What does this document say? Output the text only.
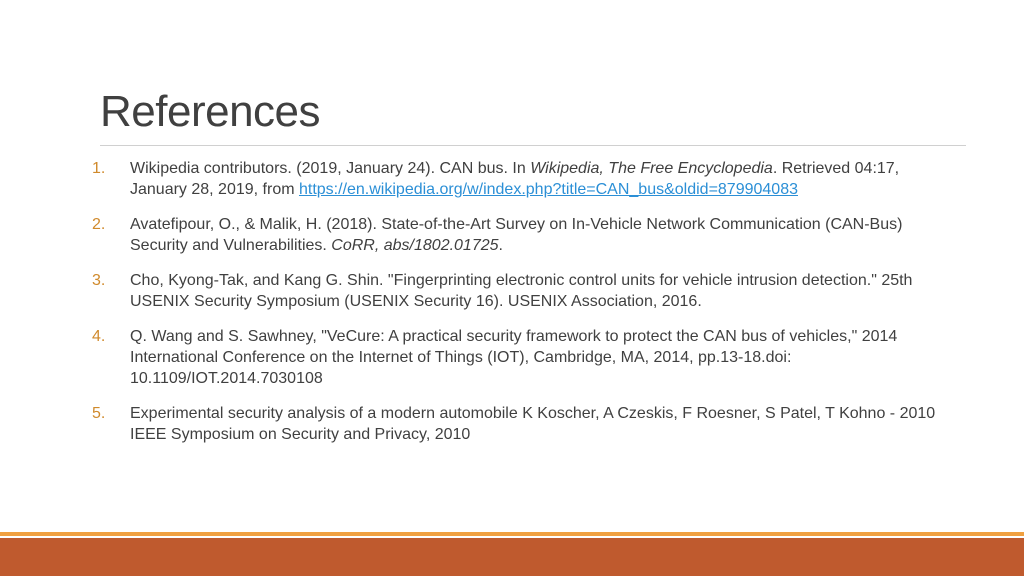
References
1. Wikipedia contributors. (2019, January 24). CAN bus. In Wikipedia, The Free Encyclopedia. Retrieved 04:17, January 28, 2019, from https://en.wikipedia.org/w/index.php?title=CAN_bus&oldid=879904083
2. Avatefipour, O., & Malik, H. (2018). State-of-the-Art Survey on In-Vehicle Network Communication (CAN-Bus) Security and Vulnerabilities. CoRR, abs/1802.01725.
3. Cho, Kyong-Tak, and Kang G. Shin. "Fingerprinting electronic control units for vehicle intrusion detection." 25th USENIX Security Symposium (USENIX Security 16). USENIX Association, 2016.
4. Q. Wang and S. Sawhney, "VeCure: A practical security framework to protect the CAN bus of vehicles," 2014 International Conference on the Internet of Things (IOT), Cambridge, MA, 2014, pp.13-18.doi: 10.1109/IOT.2014.7030108
5. Experimental security analysis of a modern automobile K Koscher, A Czeskis, F Roesner, S Patel, T Kohno - 2010 IEEE Symposium on Security and Privacy, 2010
